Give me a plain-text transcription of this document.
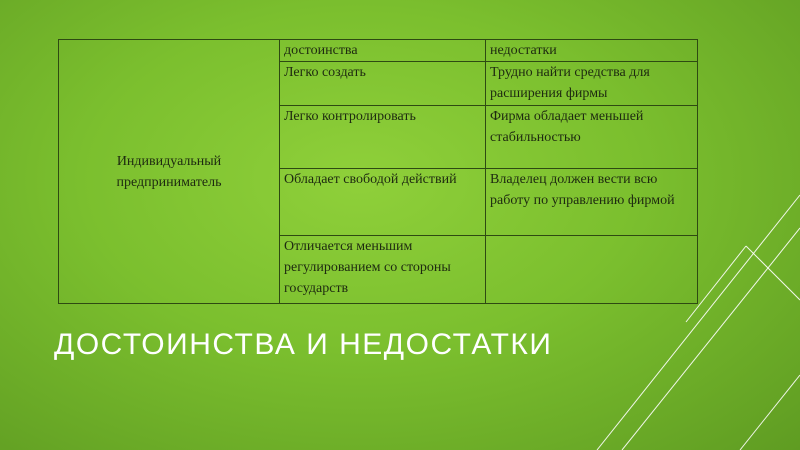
Индивидуальный предприниматель	достоинства	недостатки
	Легко создать	Трудно найти средства для расширения фирмы
	Легко контролировать	Фирма обладает меньшей стабильностью
	Обладает свободой действий	Владелец должен вести всю работу по управлению фирмой
	Отличается меньшим регулированием со стороны государств	
ДОСТОИНСТВА И НЕДОСТАТКИ
